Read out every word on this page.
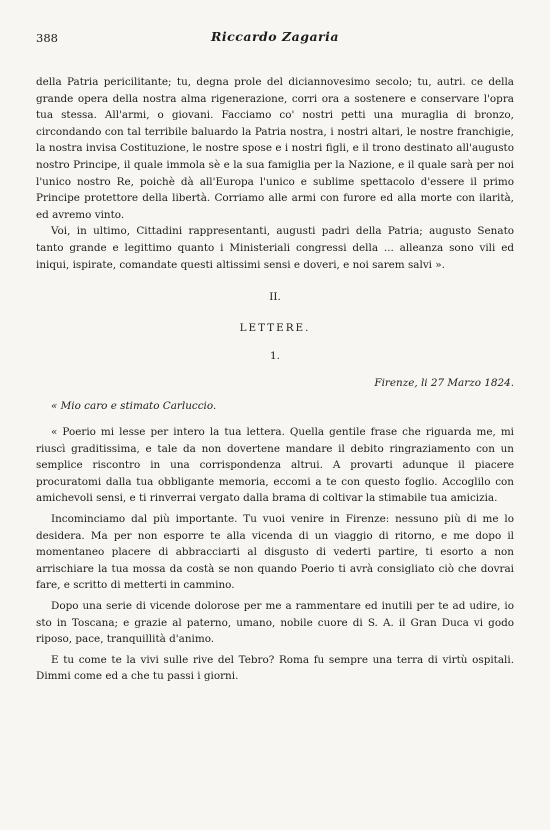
388	Riccardo Zagaria

della Patria pericilitante; tu, degna prole del diciannovesimo secolo; tu, autri. ce della grande opera della nostra alma rigenerazione, corri ora a sostenere e conservare l'opra tua stessa. All'armi, o giovani. Facciamo co' nostri petti una muraglia di bronzo, circondando con tal terribile baluardo la Patria nostra, i nostri altari, le nostre franchigie, la nostra invisa Costituzione, le nostre spose e i nostri figli, e il trono destinato all'augusto nostro Principe, il quale immola sè e la sua famiglia per la Nazione, e il quale sarà per noi l'unico nostro Re, poichè dà all'Europa l'unico e sublime spettacolo d'essere il primo Principe protettore della libertà. Corriamo alle armi con furore ed alla morte con ilarità, ed avremo vinto.

Voi, in ultimo, Cittadini rappresentanti, augusti padri della Patria; augusto Senato tanto grande e legittimo quanto i Ministeriali congressi della ... alleanza sono vili ed iniqui, ispirate, comandate questi altissimi sensi e doveri, e noi sarem salvi ».

II.
LETTERE.
1.
Firenze, li 27 Marzo 1824.
« Mio caro e stimato Carluccio.

« Poerio mi lesse per intero la tua lettera. Quella gentile frase che riguarda me, mi riuscì graditissima, e tale da non dovertene mandare il debito ringraziamento con un semplice riscontro in una corrispondenza altrui. A provarti adunque il piacere procuratomi dalla tua obbligante memoria, eccomi a te con questo foglio. Accoglilo con amichevoli sensi, e ti rinverrai vergato dalla brama di coltivar la stimabile tua amicizia.

Incominciamo dal più importante. Tu vuoi venire in Firenze: nessuno più di me lo desidera. Ma per non esporre te alla vicenda di un viaggio di ritorno, e me dopo il momentaneo placere di abbracciarti al disgusto di vederti partire, ti esorto a non arrischiare la tua mossa da costà se non quando Poerio ti avrà consigliato ciò che dovrai fare, e scritto di metterti in cammino.

Dopo una serie di vicende dolorose per me a rammentare ed inutili per te ad udire, io sto in Toscana; e grazie al paterno, umano, nobile cuore di S. A. il Gran Duca vi godo riposo, pace, tranquillità d'animo.

E tu come te la vivi sulle rive del Tebro? Roma fu sempre una terra di virtù ospitali. Dimmi come ed a che tu passi i giorni.
